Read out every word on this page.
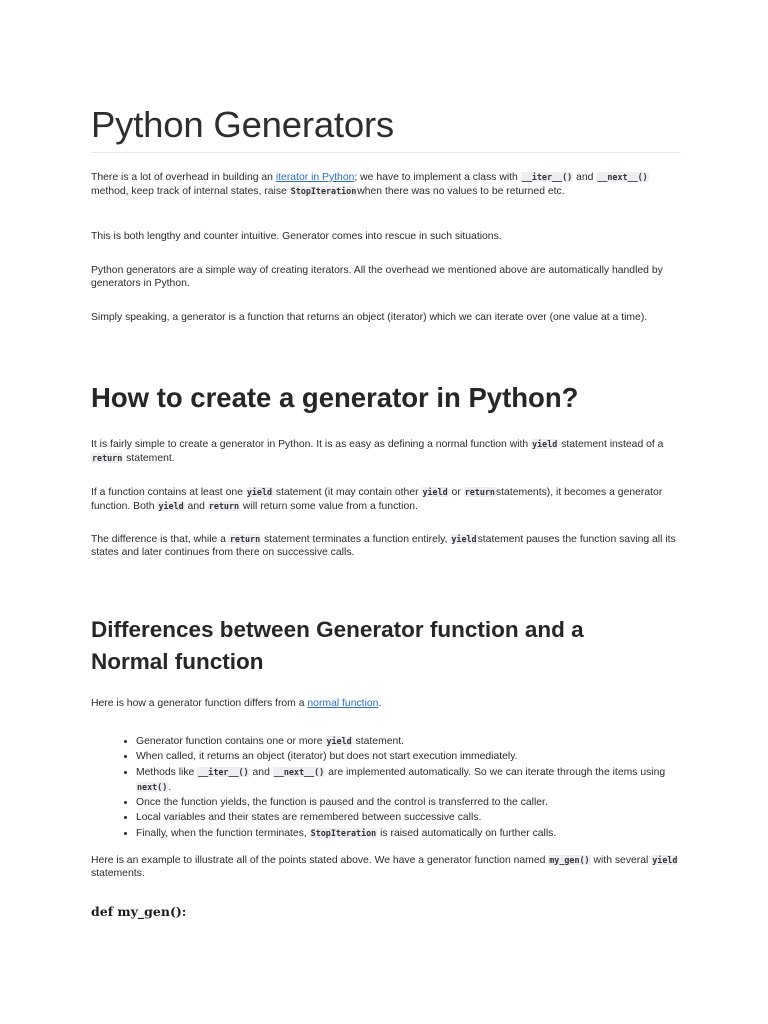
Python Generators

There is a lot of overhead in building an iterator in Python; we have to implement a class with __iter__() and __next__() method, keep track of internal states, raise StopIterationwhen there was no values to be returned etc.

This is both lengthy and counter intuitive. Generator comes into rescue in such situations.

Python generators are a simple way of creating iterators. All the overhead we mentioned above are automatically handled by generators in Python.

Simply speaking, a generator is a function that returns an object (iterator) which we can iterate over (one value at a time).

How to create a generator in Python?

It is fairly simple to create a generator in Python. It is as easy as defining a normal function with yield statement instead of a return statement.

If a function contains at least one yield statement (it may contain other yield or returnstatements), it becomes a generator function. Both yield and return will return some value from a function.

The difference is that, while a return statement terminates a function entirely, yieldstatement pauses the function saving all its states and later continues from there on successive calls.

Differences between Generator function and a
Normal function

Here is how a generator function differs from a normal function.

• Generator function contains one or more yield statement.
• When called, it returns an object (iterator) but does not start execution immediately.
• Methods like __iter__() and __next__() are implemented automatically. So we can iterate through the items using next().
• Once the function yields, the function is paused and the control is transferred to the caller.
• Local variables and their states are remembered between successive calls.
• Finally, when the function terminates, StopIteration is raised automatically on further calls.

Here is an example to illustrate all of the points stated above. We have a generator function named my_gen() with several yield statements.

def my_gen():
